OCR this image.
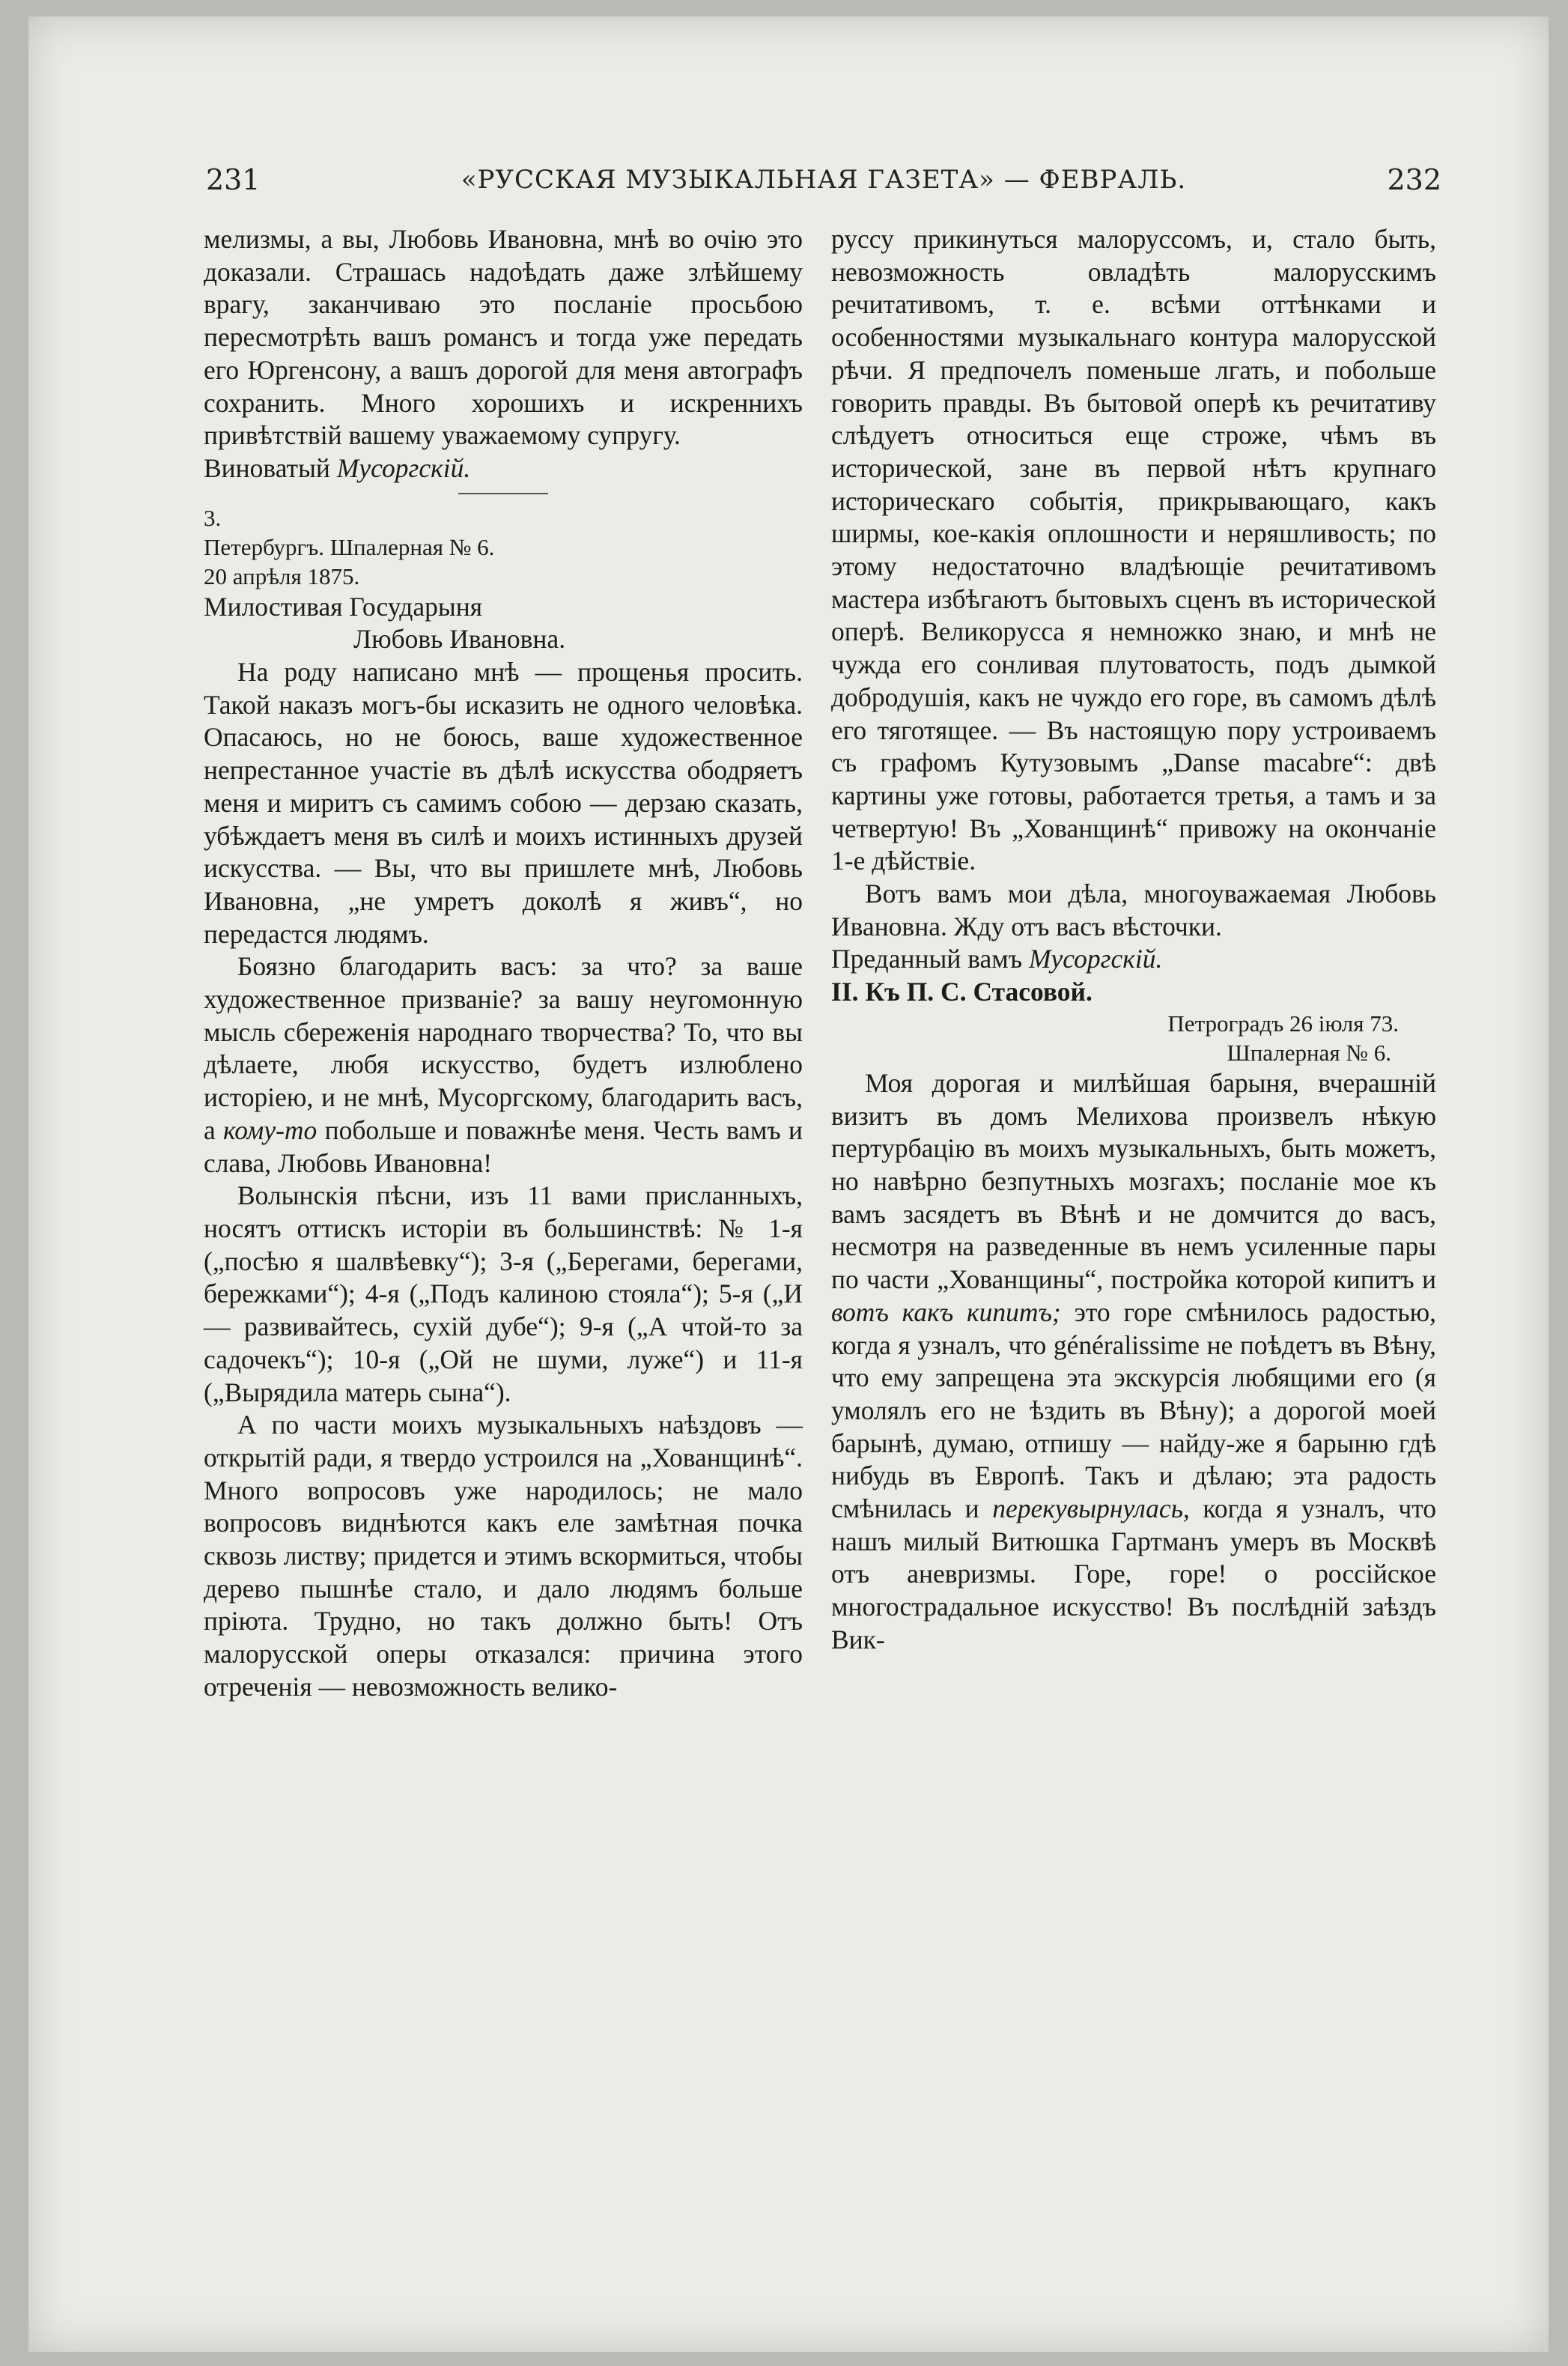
231	«РУССКАЯ МУЗЫКАЛЬНАЯ ГАЗЕТА» — ФЕВРАЛЬ.	232

мелизмы, а вы, Любовь Ивановна, мнѣ во очію это доказали. Страшась надоѣдать даже злѣйшему врагу, заканчиваю это посланіе просьбою пересмотрѣть вашъ романсъ и тогда уже передать его Юргенсону, а вашъ дорогой для меня автографъ сохранить. Много хорошихъ и искреннихъ привѣтствій вашему уважаемому супругу.

Виноватый Мусоргскій.

3.

Петербургъ. Шпалерная № 6.

20 апрѣля 1875.

Милостивая Государыня

Любовь Ивановна.

На роду написано мнѣ — прощенья просить. Такой наказъ могъ-бы исказить не одного человѣка. Опасаюсь, но не боюсь, ваше художественное непрестанное участіе въ дѣлѣ искусства ободряетъ меня и миритъ съ самимъ собою — дерзаю сказать, убѣждаетъ меня въ силѣ и моихъ истинныхъ друзей искусства. — Вы, что вы пришлете мнѣ, Любовь Ивановна, „не умретъ доколѣ я живъ“, но передастся людямъ.

Боязно благодарить васъ: за что? за ваше художественное призваніе? за вашу неугомонную мысль сбереженія народнаго творчества? То, что вы дѣлаете, любя искусство, будетъ излюблено исторіею, и не мнѣ, Мусоргскому, благодарить васъ, а кому-то побольше и поважнѣе меня. Честь вамъ и слава, Любовь Ивановна!

Волынскія пѣсни, изъ 11 вами присланныхъ, носятъ оттискъ исторіи въ большинствѣ: № 1-я („посѣю я шалвѣевку“); 3-я („Берегами, берегами, бережками“); 4-я („Подъ калиною стояла“); 5-я („И — развивайтесь, сухій дубе“); 9-я („А чтой-то за садочекъ“); 10-я („Ой не шуми, луже“) и 11-я („Вырядила матерь сына“).

А по части моихъ музыкальныхъ наѣздовъ — открытій ради, я твердо устроился на „Хованщинѣ“. Много вопросовъ уже народилось; не мало вопросовъ виднѣются какъ еле замѣтная почка сквозь листву; придется и этимъ вскормиться, чтобы дерево пышнѣе стало, и дало людямъ больше пріюта. Трудно, но такъ должно быть! Отъ малорусской оперы отказался: причина этого отреченія — невозможность велико-

руссу прикинуться малоруссомъ, и, стало быть, невозможность овладѣть малорусскимъ речитативомъ, т. е. всѣми оттѣнками и особенностями музыкальнаго контура малорусской рѣчи. Я предпочелъ поменьше лгать, и побольше говорить правды. Въ бытовой оперѣ къ речитативу слѣдуетъ относиться еще строже, чѣмъ въ исторической, зане въ первой нѣтъ крупнаго историческаго событія, прикрывающаго, какъ ширмы, кое-какія оплошности и неряшливость; по этому недостаточно владѣющіе речитативомъ мастера избѣгаютъ бытовыхъ сценъ въ исторической оперѣ. Великорусса я немножко знаю, и мнѣ не чужда его сонливая плутоватость, подъ дымкой добродушія, какъ не чуждо его горе, въ самомъ дѣлѣ его тяготящее. — Въ настоящую пору устроиваемъ съ графомъ Кутузовымъ „Danse macabre“: двѣ картины уже готовы, работается третья, а тамъ и за четвертую! Въ „Хованщинѣ“ привожу на окончаніе 1-е дѣйствіе.

Вотъ вамъ мои дѣла, многоуважаемая Любовь Ивановна. Жду отъ васъ вѣсточки.

Преданный вамъ Мусоргскій.

II. Къ П. С. Стасовой.

Петроградъ 26 іюля 73.

Шпалерная № 6.

Моя дорогая и милѣйшая барыня, вчерашній визитъ въ домъ Мелихова произвелъ нѣкую пертурбацію въ моихъ музыкальныхъ, быть можетъ, но навѣрно безпутныхъ мозгахъ; посланіе мое къ вамъ засядетъ въ Вѣнѣ и не домчится до васъ, несмотря на разведенные въ немъ усиленные пары по части „Хованщины“, постройка которой кипитъ и вотъ какъ кипитъ; это горе смѣнилось радостью, когда я узналъ, что généralissime не поѣдетъ въ Вѣну, что ему запрещена эта экскурсія любящими его (я умолялъ его не ѣздить въ Вѣну); а дорогой моей барынѣ, думаю, отпишу — найду-же я барыню гдѣ нибудь въ Европѣ. Такъ и дѣлаю; эта радость смѣнилась и перекувырнулась, когда я узналъ, что нашъ милый Витюшка Гартманъ умеръ въ Москвѣ отъ аневризмы. Горе, горе! о россійское многострадальное искусство! Въ послѣдній заѣздъ Вик-
